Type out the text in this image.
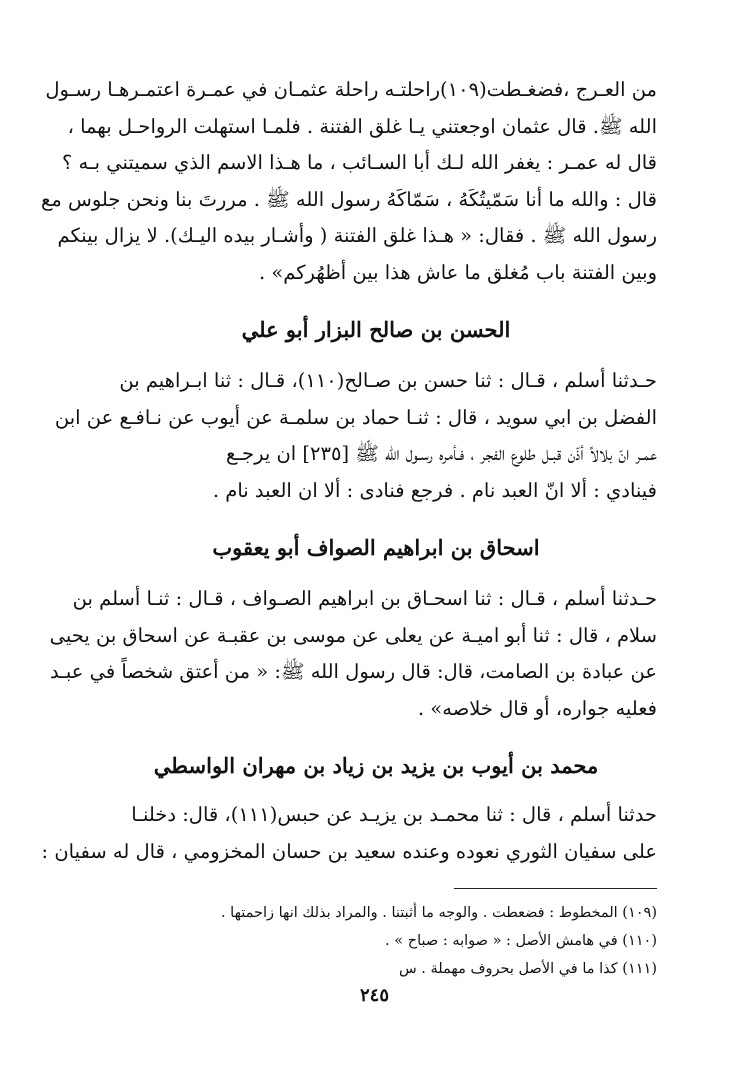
من العـرج ،فضغـطت(١٠٩)راحلتـه راحلة عثمـان في عمـرة اعتمـرهـا رسـول
الله ﷺ. قال عثمان اوجعتني يـا غلق الفتنة . فلمـا استهلت الرواحـل بهما ،
قال له عمـر : يغفر الله لـك أبا السـائب ، ما هـذا الاسم الذي سميتني بـه ؟
قال : والله ما أنا سَمّيتُكَهُ ، سَمّاكَهُ رسول الله ﷺ . مررتَ بنا ونحن جلوس مع
رسول الله ﷺ . فقال: « هـذا غلق الفتنة ( وأشـار بيده اليـك). لا يزال بينكم
وبين الفتنة باب مُغلق ما عاش هذا بين أظهُركم» .

الحسن بن صالح البزار أبو علي

حـدثنا أسلم ، قـال : ثنا حسن بن صـالح(١١٠)، قـال : ثنا ابـراهيم بن
الفضل بن ابي سويد ، قال : ثنـا حماد بن سلمـة عن أيوب عن نـافـع عن ابن
عمـر انّ بلالاً أذّن قبـل طلوع الفجر ، فـأمره رسـول الله ﷺ [٢٣٥] ان يرجـع
فينادي : ألا انّ العبد نام . فرجع فنادى : ألا ان العبد نام .

اسحاق بن ابراهيم الصواف أبو يعقوب

حـدثنا أسلم ، قـال : ثنا اسحـاق بن ابراهيم الصـواف ، قـال : ثنـا أسلم بن
سلام ، قال : ثنا أبو اميـة عن يعلى عن موسى بن عقبـة عن اسحاق بن يحيى
عن عبادة بن الصامت، قال: قال رسول الله ﷺ: « من أعتق شخصاً في عبـد
فعليه جواره، أو قال خلاصه» .

محمد بن أيوب بن يزيد بن زياد بن مهران الواسطي

حدثنا أسلم ، قال : ثنا محمـد بن يزيـد عن حبس(١١١)، قال: دخلنـا
على سفيان الثوري نعوده وعنده سعيد بن حسان المخزومي ، قال له سفيان :

(١٠٩) المخطوط : فضعطت . والوجه ما أثبتنا . والمراد بذلك انها زاحمتها .
(١١٠) في هامش الأصل : « صوابه : صباح » .
(١١١) كذا ما في الأصل بحروف مهملة . س

٢٤٥
